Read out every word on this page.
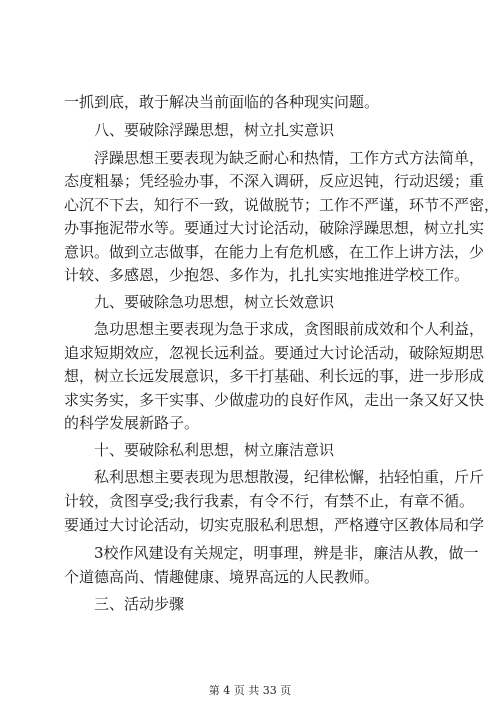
一抓到底，敢于解决当前面临的各种现实问题。
八、要破除浮躁思想，树立扎实意识
浮躁思想王要表现为缺乏耐心和热情，工作方式方法简单，
态度粗暴；凭经验办事，不深入调研，反应迟钝，行动迟缓；重
心沉不下去，知行不一致，说做脱节；工作不严谨，环节不严密，
办事拖泥带水等。要通过大讨论活动，破除浮躁思想，树立扎实
意识。做到立志做事，在能力上有危机感，在工作上讲方法，少
计较、多感恩，少抱怨、多作为，扎扎实实地推进学校工作。
九、要破除急功思想，树立长效意识
急功思想主要表现为急于求成，贪图眼前成效和个人利益，
追求短期效应，忽视长远利益。要通过大讨论活动，破除短期思
想，树立长远发展意识，多干打基础、利长远的事，进一步形成
求实务实，多干实事、少做虚功的良好作风，走出一条又好又快
的科学发展新路子。
十、要破除私利思想，树立廉洁意识
私利思想主要表现为思想散漫，纪律松懈，拈轻怕重，斤斤
计较，贪图享受;我行我素，有令不行，有禁不止，有章不循。
要通过大讨论活动，切实克服私利思想，严格遵守区教体局和学
3校作风建设有关规定，明事理，辨是非，廉洁从教，做一
个道德高尚、情趣健康、境界高远的人民教师。
三、活动步骤
第 4 页 共 33 页
